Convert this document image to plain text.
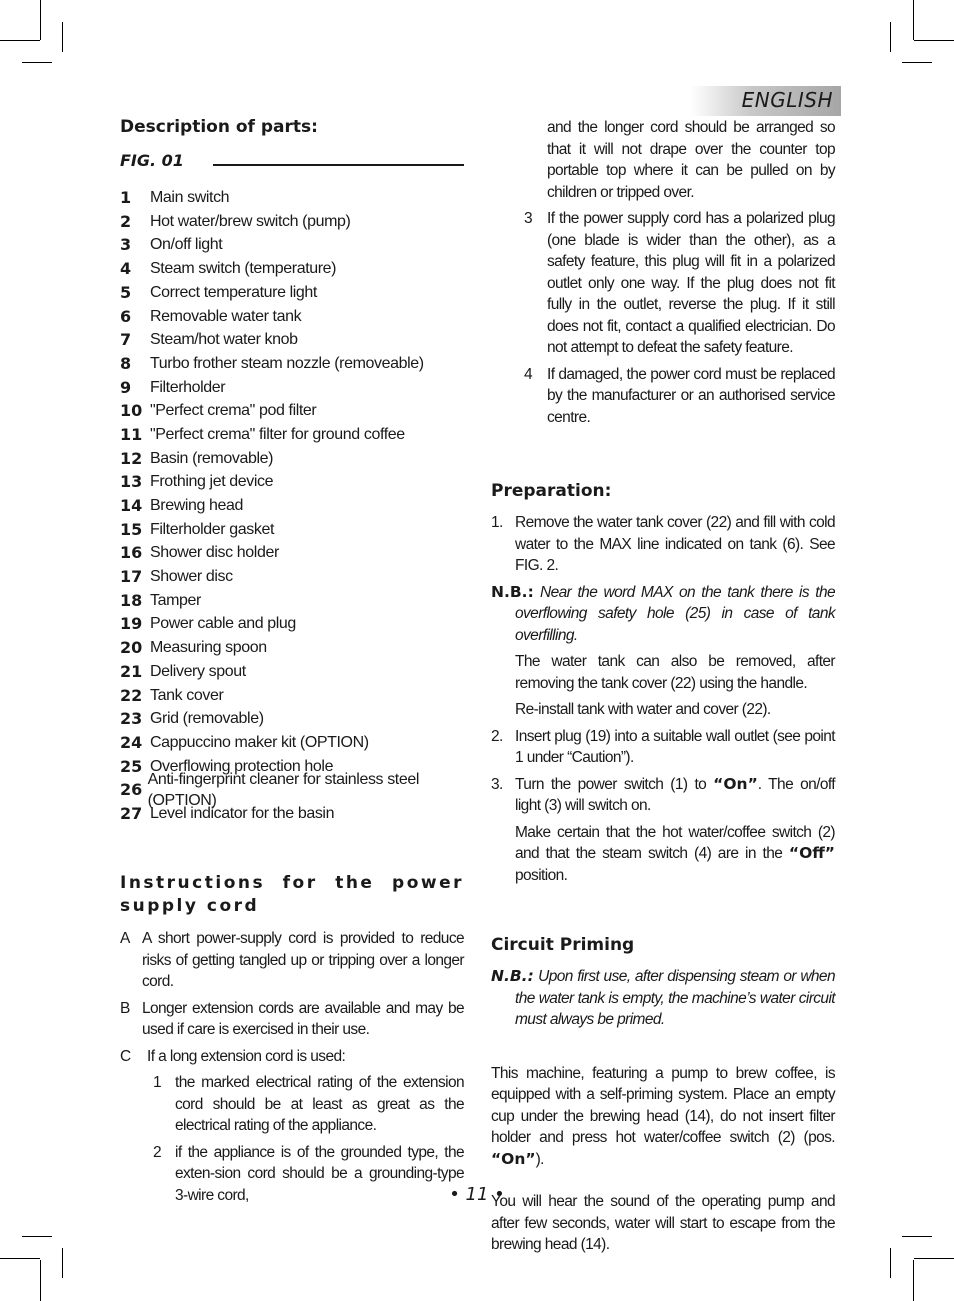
ENGLISH
Description of parts:
FIG. 01
1	Main switch
2	Hot water/brew switch (pump)
3	On/off light
4	Steam switch (temperature)
5	Correct temperature light
6	Removable water tank
7	Steam/hot water knob
8	Turbo frother steam nozzle (removeable)
9	Filterholder
10 "Perfect crema" pod filter
11 "Perfect crema" filter for ground coffee
12 Basin (removable)
13 Frothing jet device
14 Brewing head
15 Filterholder gasket
16 Shower disc holder
17 Shower disc
18 Tamper
19 Power cable and plug
20 Measuring spoon
21 Delivery spout
22 Tank cover
23 Grid (removable)
24 Cappuccino maker kit (OPTION)
25 Overflowing protection hole
26
Anti-fingerprint cleaner for stainless steel (OPTION)
27 Level indicator for the basin
Instructions for the power supply cord
A A short power-supply cord is provided to reduce risks of getting tangled up or tripping over a longer cord.
B Longer extension cords are available and may be used if care is exercised in their use.
C	If a long extension cord is used:
1 the marked electrical rating of the extension cord should be at least as great as the electrical rating of the appliance.
2 if the appliance is of the grounded type, the exten-sion cord should be a grounding-type 3-wire cord,
and the longer cord should be arranged so that it will not drape over the counter top portable top where it can be pulled on by children or tripped over.
3 If the power supply cord has a polarized plug (one blade is wider than the other), as a safety feature, this plug will fit in a polarized outlet only one way. If the plug does not fit fully in the outlet, reverse the plug. If it still does not fit, contact a qualified electrician. Do not attempt to defeat the safety feature.
4 If damaged, the power cord must be replaced by the manufacturer or an authorised service centre.
Preparation:
1. Remove the water tank cover (22) and fill with cold water to the MAX line indicated on tank (6). See FIG. 2.
N.B.: Near the word MAX on the tank there is the overflowing safety hole (25) in case of tank overfilling.

The water tank can also be removed, after removing the tank cover (22) using the handle.

Re-install tank with water and cover (22).

2. Insert plug (19) into a suitable wall outlet (see point 1 under “Caution”).
3. Turn the power switch (1) to “On”. The on/off light (3) will switch on.

Make certain that the hot water/coffee switch (2) and that the steam switch (4) are in the “Off” position.

Circuit Priming
N.B.: Upon first use, after dispensing steam or when the water tank is empty, the machine’s water circuit must always be primed.

This machine, featuring a pump to brew coffee, is equipped with a self-priming system. Place an empty cup under the brewing head (14), do not insert filter holder and press hot water/coffee switch (2) (pos. “On”).

You will hear the sound of the operating pump and after few seconds, water will start to escape from the brewing head (14).

• 11 •
